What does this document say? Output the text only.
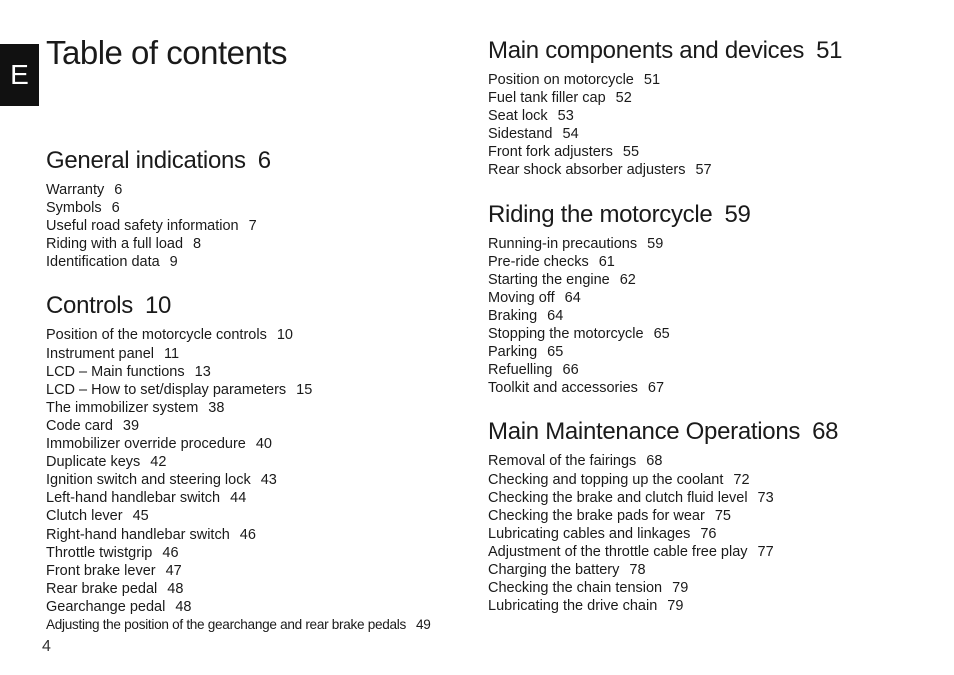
E
Table of contents
General indications 6
Warranty 6
Symbols 6
Useful road safety information 7
Riding with a full load 8
Identification data 9
Controls 10
Position of the motorcycle controls 10
Instrument panel 11
LCD – Main functions 13
LCD – How to set/display parameters 15
The immobilizer system 38
Code card 39
Immobilizer override procedure 40
Duplicate keys 42
Ignition switch and steering lock 43
Left-hand handlebar switch 44
Clutch lever 45
Right-hand handlebar switch 46
Throttle twistgrip 46
Front brake lever 47
Rear brake pedal 48
Gearchange pedal 48
Adjusting the position of the gearchange and rear brake pedals 49
Main components and devices 51
Position on motorcycle 51
Fuel tank filler cap 52
Seat lock 53
Sidestand 54
Front fork adjusters 55
Rear shock absorber adjusters 57
Riding the motorcycle 59
Running-in precautions 59
Pre-ride checks 61
Starting the engine 62
Moving off 64
Braking 64
Stopping the motorcycle 65
Parking 65
Refuelling 66
Toolkit and accessories 67
Main Maintenance Operations 68
Removal of the fairings 68
Checking and topping up the coolant 72
Checking the brake and clutch fluid level 73
Checking the brake pads for wear 75
Lubricating cables and linkages 76
Adjustment of the throttle cable free play 77
Charging the battery 78
Checking the chain tension 79
Lubricating the drive chain 79
4
